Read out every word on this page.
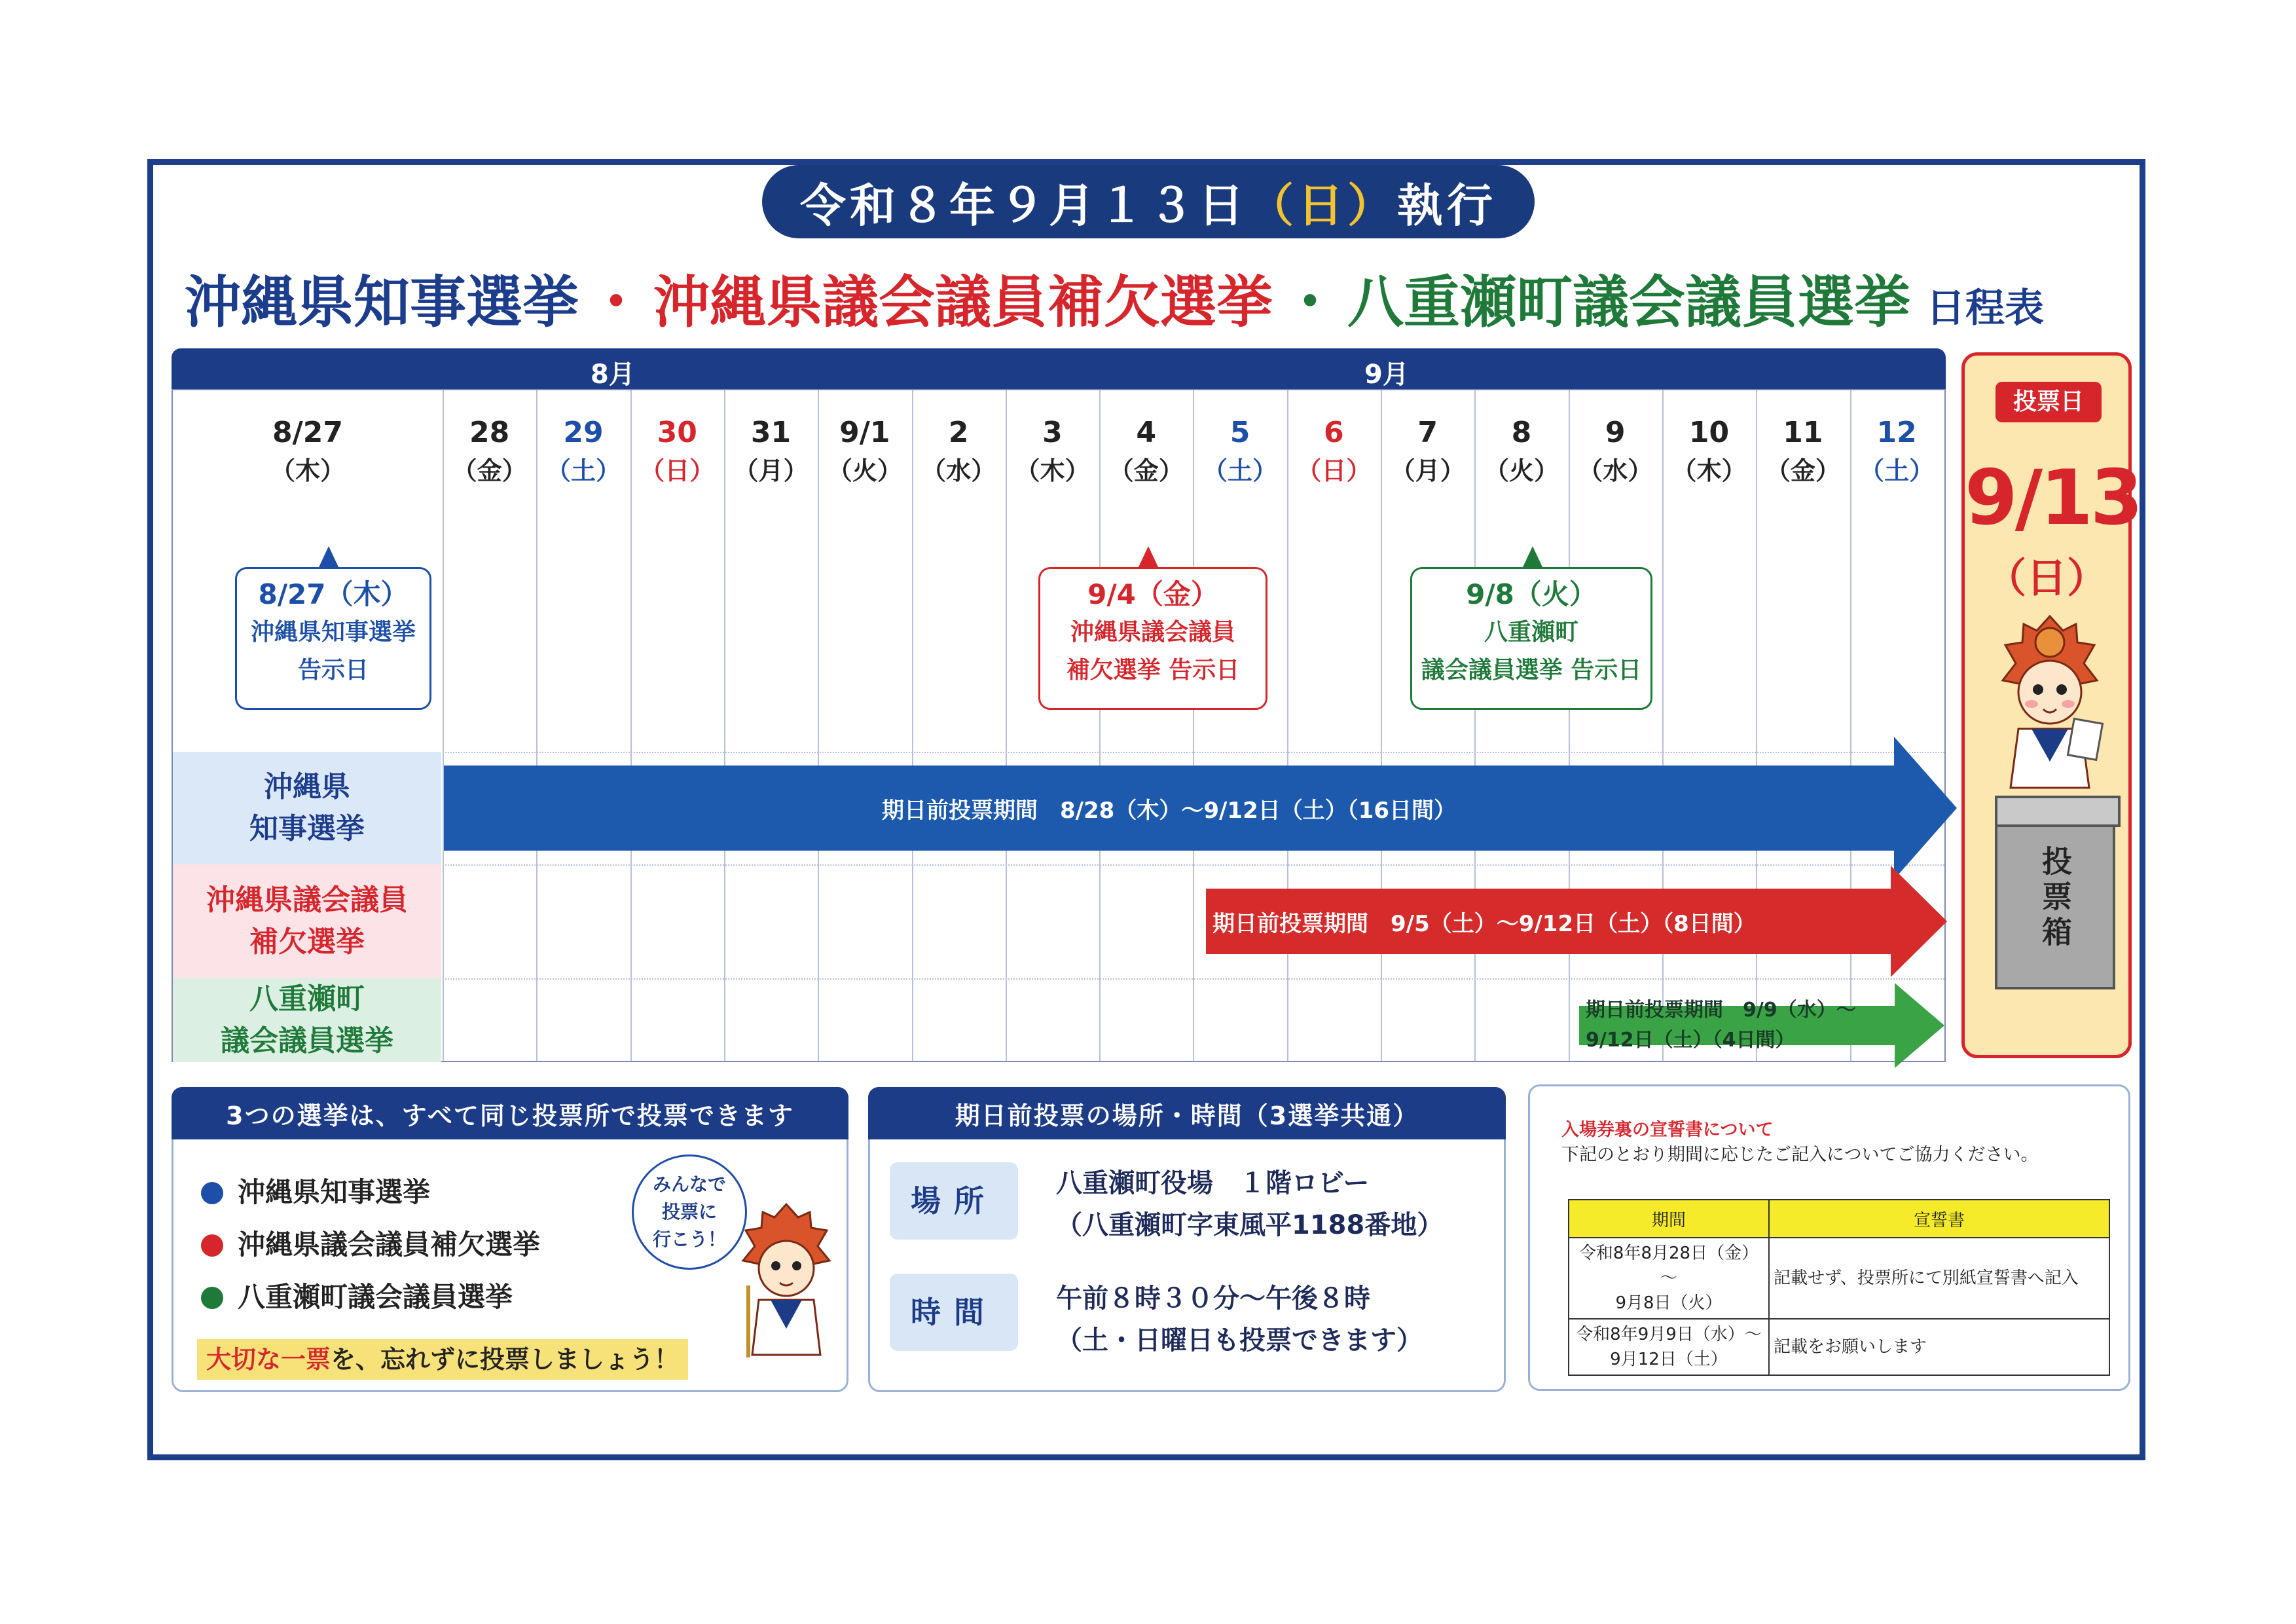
令和８年９月１３日 （日） 執行
沖縄県知事選挙 ・ 沖縄県議会議員補欠選挙 ・ 八重瀬町議会議員選挙 日程表
8月	9月
8/27
（木）
28
（金）
29
（土）
30
（日）
31
（月）
9/1
（火）
2
（水）
3
（木）
4
（金）
5
（土）
6
（日）
7
（月）
8
（火）
9
（水）
10
（木）
11
（金）
12
（土）
8/27（木）
沖縄県知事選挙
告示日
9/4（金）
沖縄県議会議員
補欠選挙 告示日
9/8（火）
八重瀬町
議会議員選挙 告示日
沖縄県
知事選挙
期日前投票期間　8/28（木）～9/12日（土）（16日間）
沖縄県議会議員
補欠選挙
期日前投票期間　9/5（土）～9/12日（土）（8日間）
八重瀬町
議会議員選挙
期日前投票期間　9/9（水）～
9/12日（土）（4日間）
投票日
9/13
（日）
投票箱
3つの選挙は、すべて同じ投票所で投票できます
沖縄県知事選挙
沖縄県議会議員補欠選挙
八重瀬町議会議員選挙
大切な一票を、忘れずに投票しましょう！
みんなで
投票に
行こう！
期日前投票の場所・時間（3選挙共通）
場所	八重瀬町役場　１階ロビー
（八重瀬町字東風平1188番地）
時間	午前８時３０分～午後８時
（土・日曜日も投票できます）
入場券裏の宣誓書について
下記のとおり期間に応じたご記入についてご協力ください。
期間	宣誓書
令和8年8月28日（金）～
9月8日（火）	記載せず、投票所にて別紙宣誓書へ記入
令和8年9月9日（水）～
9月12日（土）	記載をお願いします
